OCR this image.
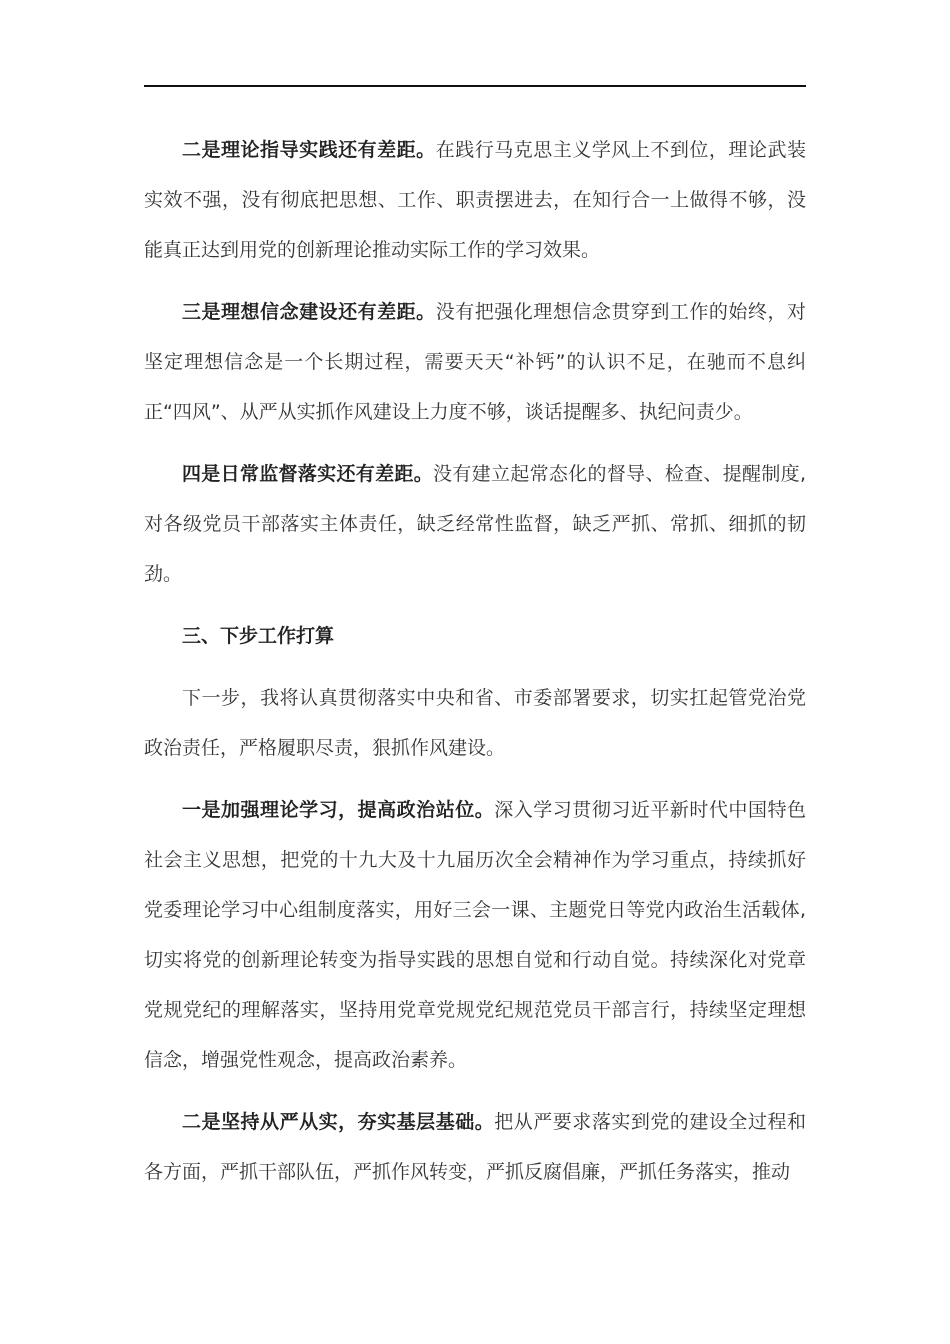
二是理论指导实践还有差距。在践行马克思主义学风上不到位，理论武装实效不强，没有彻底把思想、工作、职责摆进去，在知行合一上做得不够，没能真正达到用党的创新理论推动实际工作的学习效果。

三是理想信念建设还有差距。没有把强化理想信念贯穿到工作的始终，对坚定理想信念是一个长期过程，需要天天“补钙”的认识不足，在驰而不息纠正“四风”、从严从实抓作风建设上力度不够，谈话提醒多、执纪问责少。

四是日常监督落实还有差距。没有建立起常态化的督导、检查、提醒制度,对各级党员干部落实主体责任，缺乏经常性监督，缺乏严抓、常抓、细抓的韧劲。

三、下步工作打算

下一步，我将认真贯彻落实中央和省、市委部署要求，切实扛起管党治党政治责任，严格履职尽责，狠抓作风建设。

一是加强理论学习，提高政治站位。深入学习贯彻习近平新时代中国特色社会主义思想，把党的十九大及十九届历次全会精神作为学习重点，持续抓好党委理论学习中心组制度落实，用好三会一课、主题党日等党内政治生活载体,切实将党的创新理论转变为指导实践的思想自觉和行动自觉。持续深化对党章党规党纪的理解落实，坚持用党章党规党纪规范党员干部言行，持续坚定理想信念，增强党性观念，提高政治素养。

二是坚持从严从实，夯实基层基础。把从严要求落实到党的建设全过程和各方面，严抓干部队伍，严抓作风转变，严抓反腐倡廉，严抓任务落实，推动
